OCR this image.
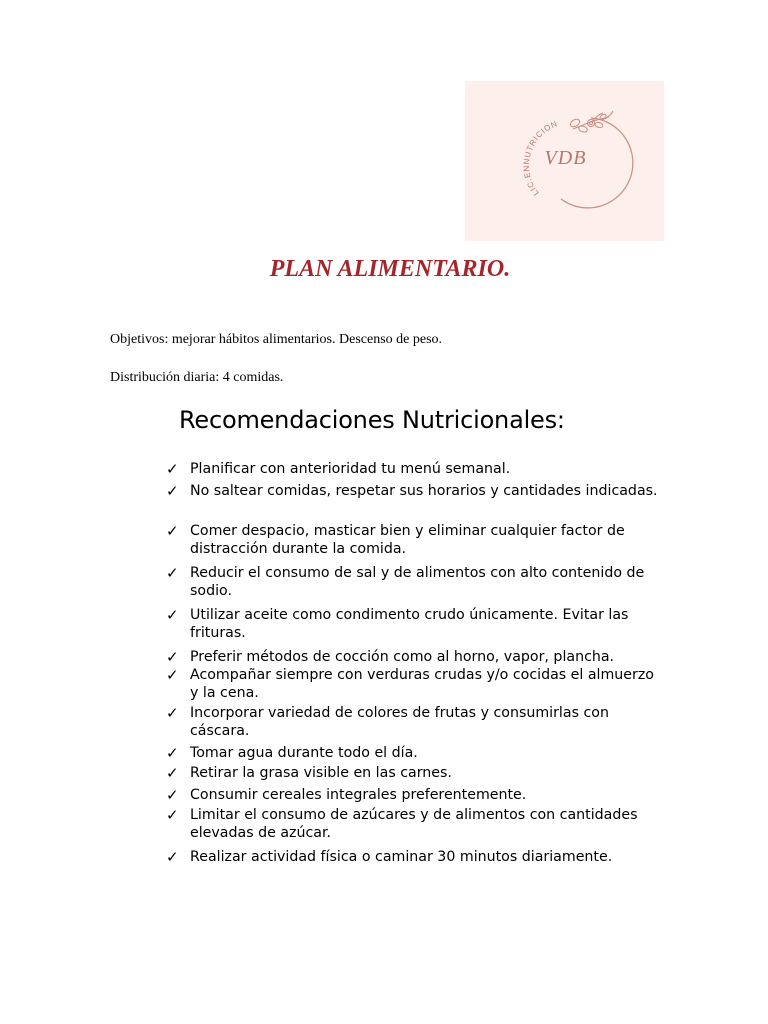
LIC.ENNUTRICION
VDB
PLAN ALIMENTARIO.
Objetivos: mejorar hábitos alimentarios. Descenso de peso.
Distribución diaria: 4 comidas.
Recomendaciones Nutricionales:
✓ Planificar con anterioridad tu menú semanal.
✓ No saltear comidas, respetar sus horarios y cantidades indicadas.
✓ Comer despacio, masticar bien y eliminar cualquier factor de distracción durante la comida.
✓ Reducir el consumo de sal y de alimentos con alto contenido de sodio.
✓ Utilizar aceite como condimento crudo únicamente. Evitar las frituras.
✓ Preferir métodos de cocción como al horno, vapor, plancha.
✓ Acompañar siempre con verduras crudas y/o cocidas el almuerzo y la cena.
✓ Incorporar variedad de colores de frutas y consumirlas con cáscara.
✓ Tomar agua durante todo el día.
✓ Retirar la grasa visible en las carnes.
✓ Consumir cereales integrales preferentemente.
✓ Limitar el consumo de azúcares y de alimentos con cantidades elevadas de azúcar.
✓ Realizar actividad física o caminar 30 minutos diariamente.
